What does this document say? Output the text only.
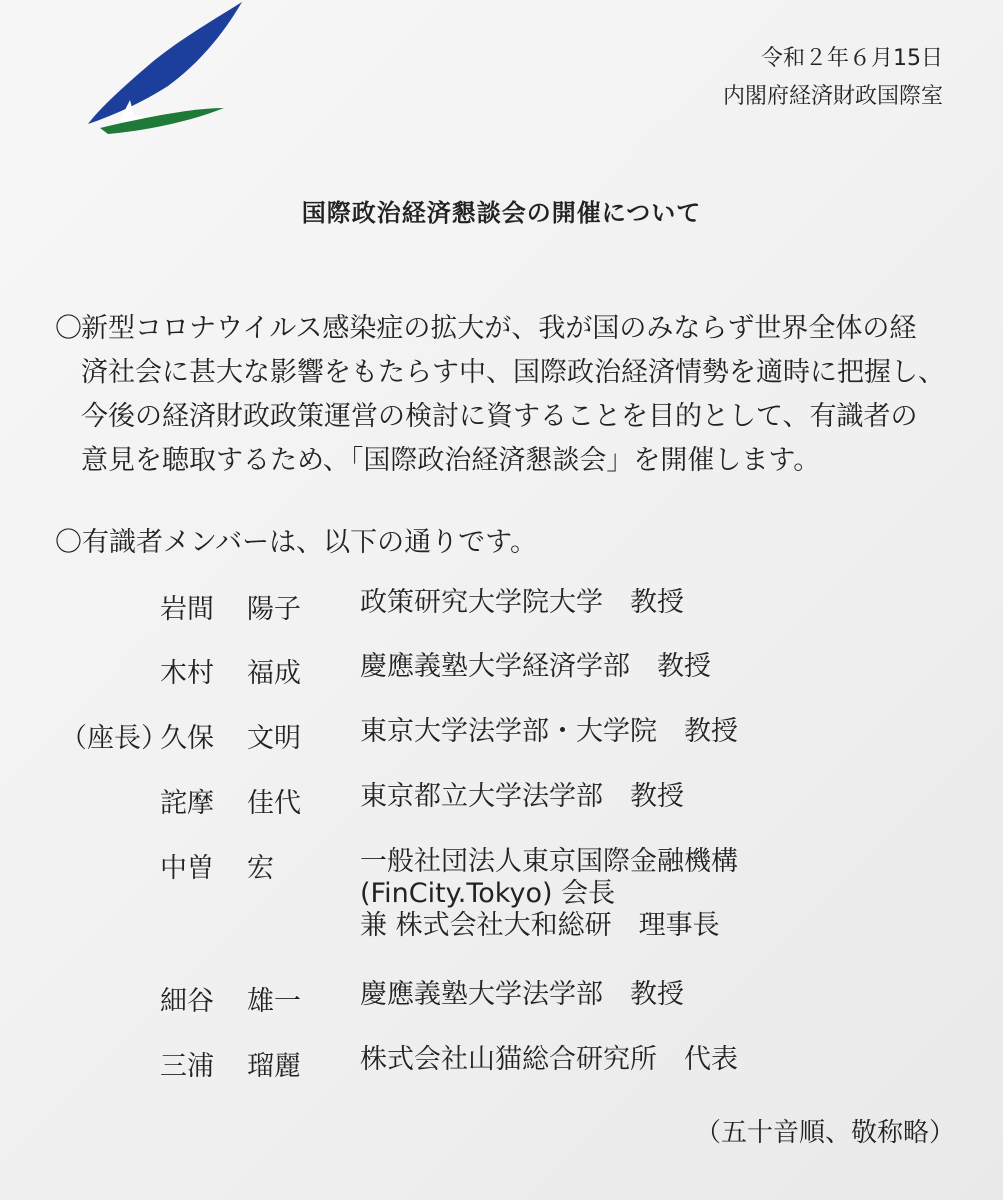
令和２年６月15日
内閣府経済財政国際室
国際政治経済懇談会の開催について
〇 新型コロナウイルス感染症の拡大が、我が国のみならず世界全体の経
済社会に甚大な影響をもたらす中、国際政治経済情勢を適時に把握し、
今後の経済財政政策運営の検討に資することを目的として、有識者の
意見を聴取するため、「国際政治経済懇談会」を開催します。
〇有識者メンバーは、以下の通りです。
岩間 陽子 政策研究大学院大学　教授
木村 福成 慶應義塾大学経済学部　教授
（座長）
久保 文明 東京大学法学部・大学院　教授
詫摩 佳代 東京都立大学法学部　教授
中曽 宏	一般社団法人東京国際金融機構
(FinCity.Tokyo) 会長
兼 株式会社大和総研　理事長
細谷 雄一 慶應義塾大学法学部　教授
三浦 瑠麗 株式会社山猫総合研究所　代表
（五十音順、敬称略）
